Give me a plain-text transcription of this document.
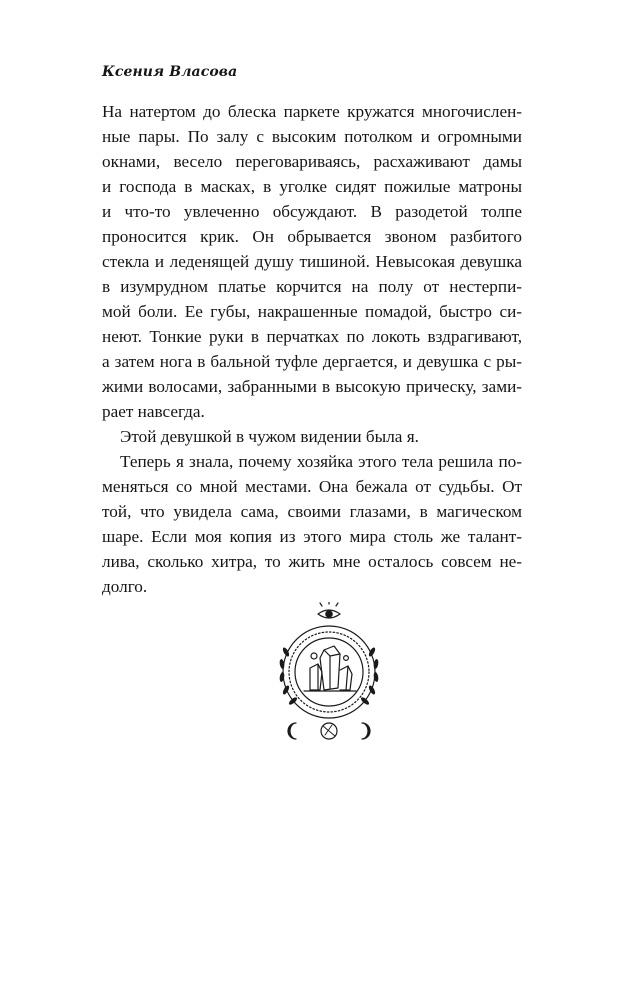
Ксения Власова
На натертом до блеска паркете кружатся многочислен-
ные пары. По залу с высоким потолком и огромными
окнами, весело переговариваясь, расхаживают дамы
и господа в масках, в уголке сидят пожилые матроны
и что-то увлеченно обсуждают. В разодетой толпе
проносится крик. Он обрывается звоном разбитого
стекла и леденящей душу тишиной. Невысокая девушка
в изумрудном платье корчится на полу от нестерпи-
мой боли. Ее губы, накрашенные помадой, быстро си-
неют. Тонкие руки в перчатках по локоть вздрагивают,
а затем нога в бальной туфле дергается, и девушка с ры-
жими волосами, забранными в высокую прическу, зами-
рает навсегда.
Этой девушкой в чужом видении была я.
Теперь я знала, почему хозяйка этого тела решила по-
меняться со мной местами. Она бежала от судьбы. От
той, что увидела сама, своими глазами, в магическом
шаре. Если моя копия из этого мира столь же талант-
лива, сколько хитра, то жить мне осталось совсем не-
долго.
